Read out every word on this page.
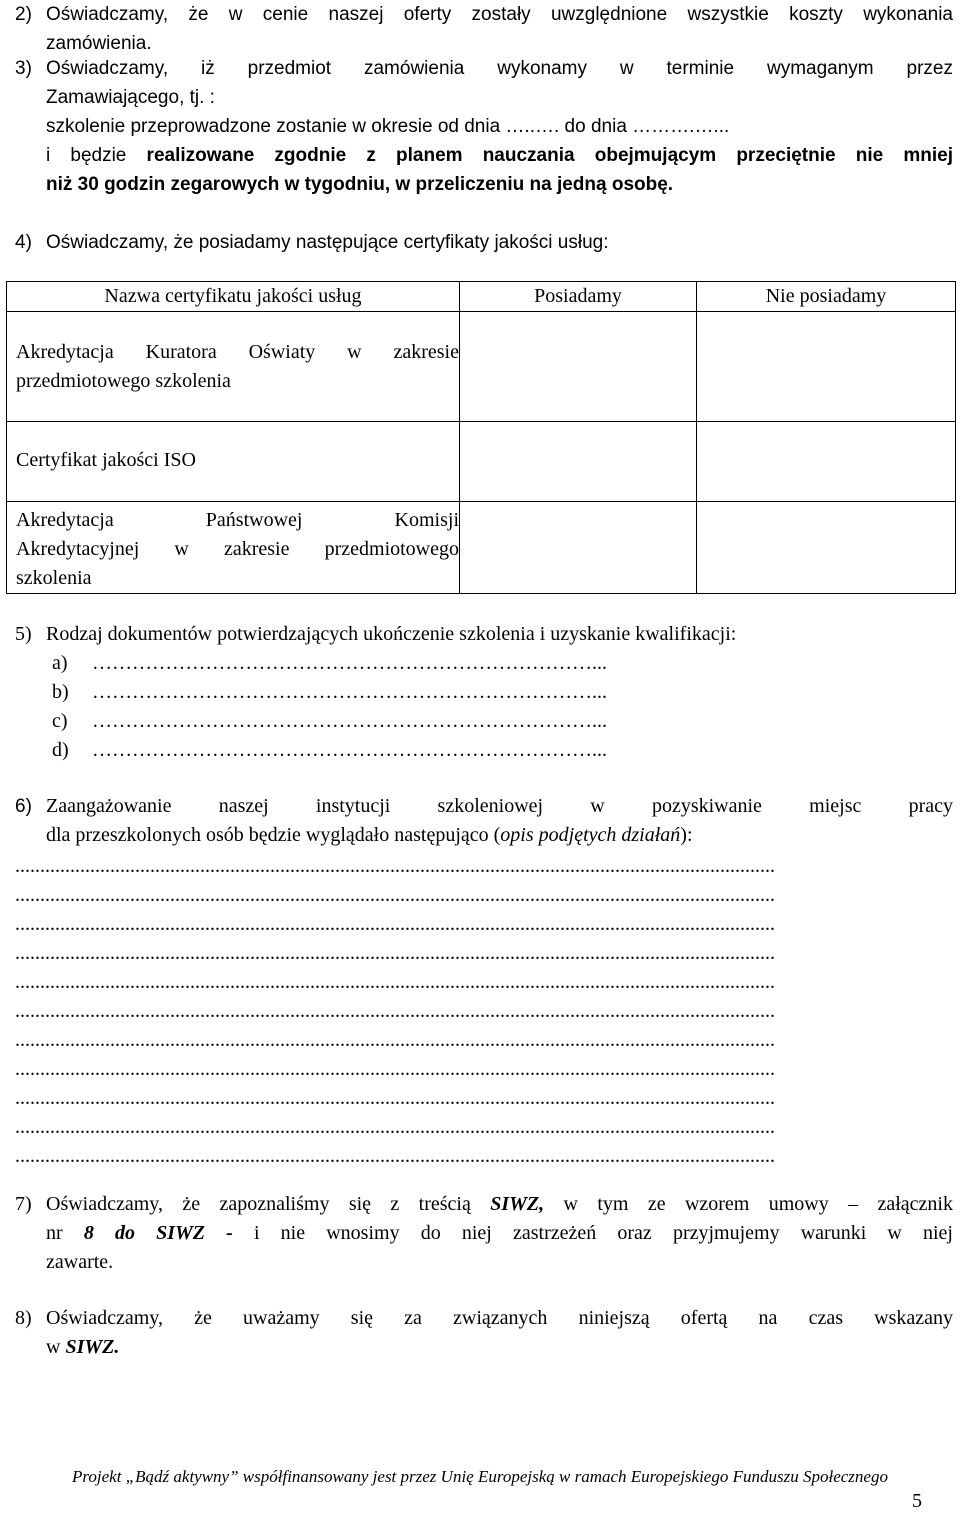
2) Oświadczamy, że w cenie naszej oferty zostały uwzględnione wszystkie koszty wykonania
zamówienia.
3) Oświadczamy, iż przedmiot zamówienia wykonamy w terminie wymaganym przez
Zamawiającego, tj. :
szkolenie przeprowadzone zostanie w okresie od dnia …..…. do dnia ……….…...
i będzie realizowane zgodnie z planem nauczania obejmującym przeciętnie nie mniej
niż 30 godzin zegarowych w tygodniu, w przeliczeniu na jedną osobę.
4) Oświadczamy, że posiadamy następujące certyfikaty jakości usług:
Nazwa certyfikatu jakości usług	Posiadamy	Nie posiadamy

Akredytacja Kuratora Oświaty w zakresie
przedmiotowego szkolenia		

Certyfikat jakości ISO		

Akredytacja Państwowej Komisji
Akredytacyjnej w zakresie przedmiotowego
szkolenia		

5) Rodzaj dokumentów potwierdzających ukończenie szkolenia i uzyskanie kwalifikacji:
a) …………………………………………………………………...
b) …………………………………………………………………...
c) …………………………………………………………………...
d) …………………………………………………………………...
6) Zaangażowanie naszej instytucji szkoleniowej w pozyskiwanie miejsc pracy
dla przeszkolonych osób będzie wyglądało następująco (opis podjętych działań):
........................................................................................................................................................
........................................................................................................................................................
........................................................................................................................................................
........................................................................................................................................................
........................................................................................................................................................
........................................................................................................................................................
........................................................................................................................................................
........................................................................................................................................................
........................................................................................................................................................
........................................................................................................................................................
........................................................................................................................................................
7) Oświadczamy, że zapoznaliśmy się z treścią SIWZ, w tym ze wzorem umowy – załącznik
nr 8 do SIWZ - i nie wnosimy do niej zastrzeżeń oraz przyjmujemy warunki w niej
zawarte.
8) Oświadczamy, że uważamy się za związanych niniejszą ofertą na czas wskazany
w SIWZ.
Projekt „Bądź aktywny” współfinansowany jest przez Unię Europejską w ramach Europejskiego Funduszu Społecznego
5
